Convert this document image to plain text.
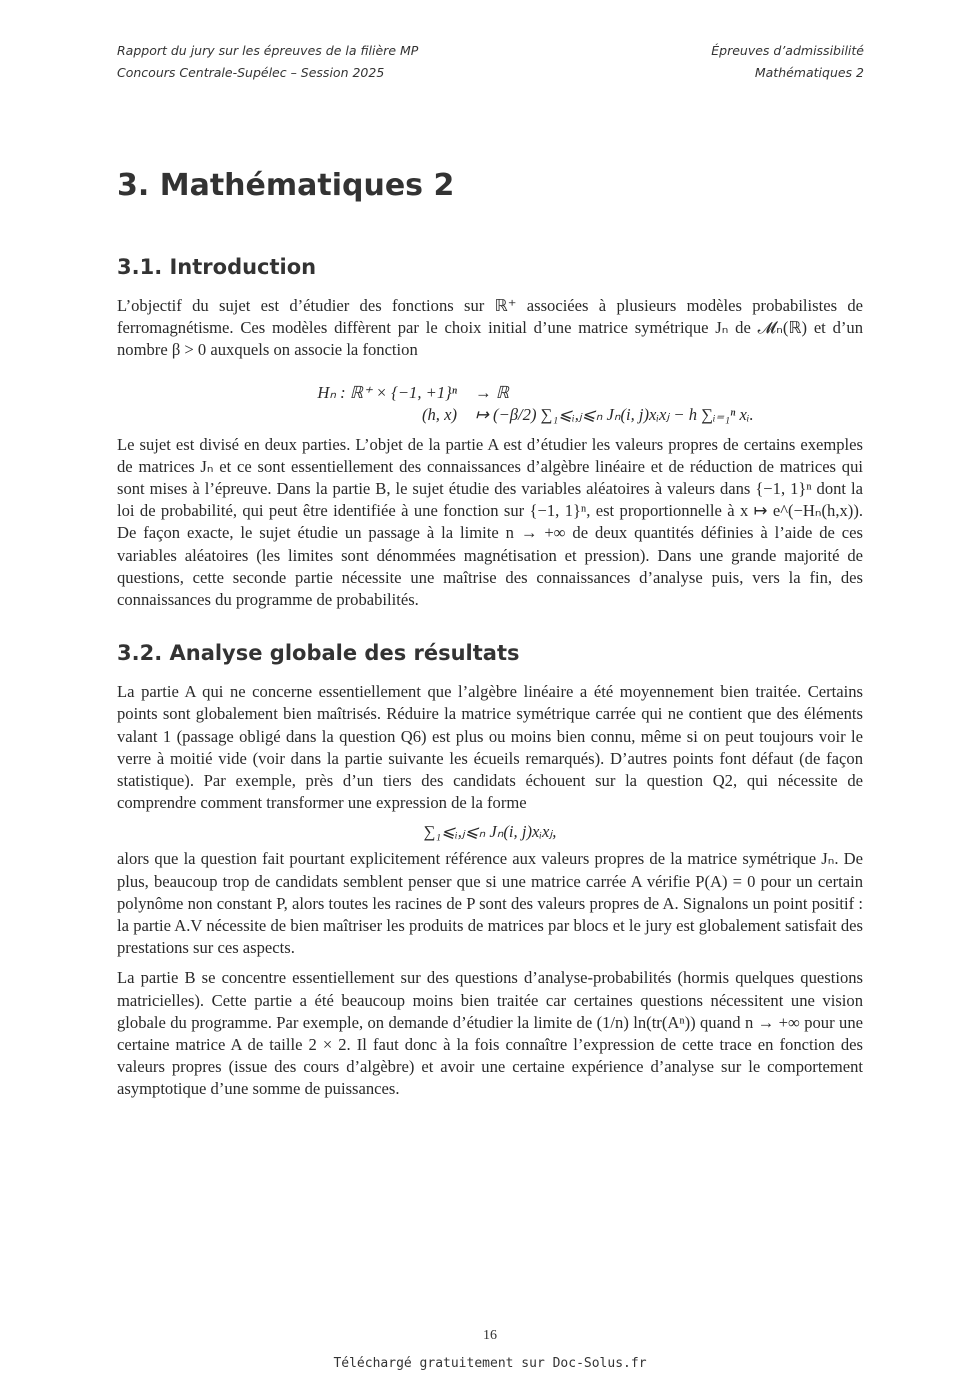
Rapport du jury sur les épreuves de la filière MP
Concours Centrale-Supélec – Session 2025
Épreuves d’admissibilité
Mathématiques 2
3. Mathématiques 2
3.1. Introduction

L’objectif du sujet est d’étudier des fonctions sur ℝ⁺ associées à plusieurs modèles probabilistes de ferromagnétisme. Ces modèles diffèrent par le choix initial d’une matrice symétrique Jₙ de 𝓜ₙ(ℝ) et d’un nombre β > 0 auxquels on associe la fonction

Hₙ : ℝ⁺ × {−1, +1}ⁿ → ℝ
(h, x) ↦ (−β/2) ∑₁⩽ᵢ,ⱼ⩽ₙ Jₙ(i, j)xᵢxⱼ − h ∑ᵢ₌₁ⁿ xᵢ.

Le sujet est divisé en deux parties. L’objet de la partie A est d’étudier les valeurs propres de certains exemples de matrices Jₙ et ce sont essentiellement des connaissances d’algèbre linéaire et de réduction de matrices qui sont mises à l’épreuve. Dans la partie B, le sujet étudie des variables aléatoires à valeurs dans {−1, 1}ⁿ dont la loi de probabilité, qui peut être identifiée à une fonction sur {−1, 1}ⁿ, est proportionnelle à x ↦ e^(−Hₙ(h,x)). De façon exacte, le sujet étudie un passage à la limite n → +∞ de deux quantités définies à l’aide de ces variables aléatoires (les limites sont dénommées magnétisation et pression). Dans une grande majorité de questions, cette seconde partie nécessite une maîtrise des connaissances d’analyse puis, vers la fin, des connaissances du programme de probabilités.

3.2. Analyse globale des résultats

La partie A qui ne concerne essentiellement que l’algèbre linéaire a été moyennement bien traitée. Certains points sont globalement bien maîtrisés. Réduire la matrice symétrique carrée qui ne contient que des éléments valant 1 (passage obligé dans la question Q6) est plus ou moins bien connu, même si on peut toujours voir le verre à moitié vide (voir dans la partie suivante les écueils remarqués). D’autres points font défaut (de façon statistique). Par exemple, près d’un tiers des candidats échouent sur la question Q2, qui nécessite de comprendre comment transformer une expression de la forme

∑₁⩽ᵢ,ⱼ⩽ₙ Jₙ(i, j)xᵢxⱼ,

alors que la question fait pourtant explicitement référence aux valeurs propres de la matrice symétrique Jₙ. De plus, beaucoup trop de candidats semblent penser que si une matrice carrée A vérifie P(A) = 0 pour un certain polynôme non constant P, alors toutes les racines de P sont des valeurs propres de A. Signalons un point positif : la partie A.V nécessite de bien maîtriser les produits de matrices par blocs et le jury est globalement satisfait des prestations sur ces aspects.

La partie B se concentre essentiellement sur des questions d’analyse-probabilités (hormis quelques questions matricielles). Cette partie a été beaucoup moins bien traitée car certaines questions nécessitent une vision globale du programme. Par exemple, on demande d’étudier la limite de (1/n) ln(tr(Aⁿ)) quand n → +∞ pour une certaine matrice A de taille 2 × 2. Il faut donc à la fois connaître l’expression de cette trace en fonction des valeurs propres (issue des cours d’algèbre) et avoir une certaine expérience d’analyse sur le comportement asymptotique d’une somme de puissances.

16
Téléchargé gratuitement sur Doc-Solus.fr
